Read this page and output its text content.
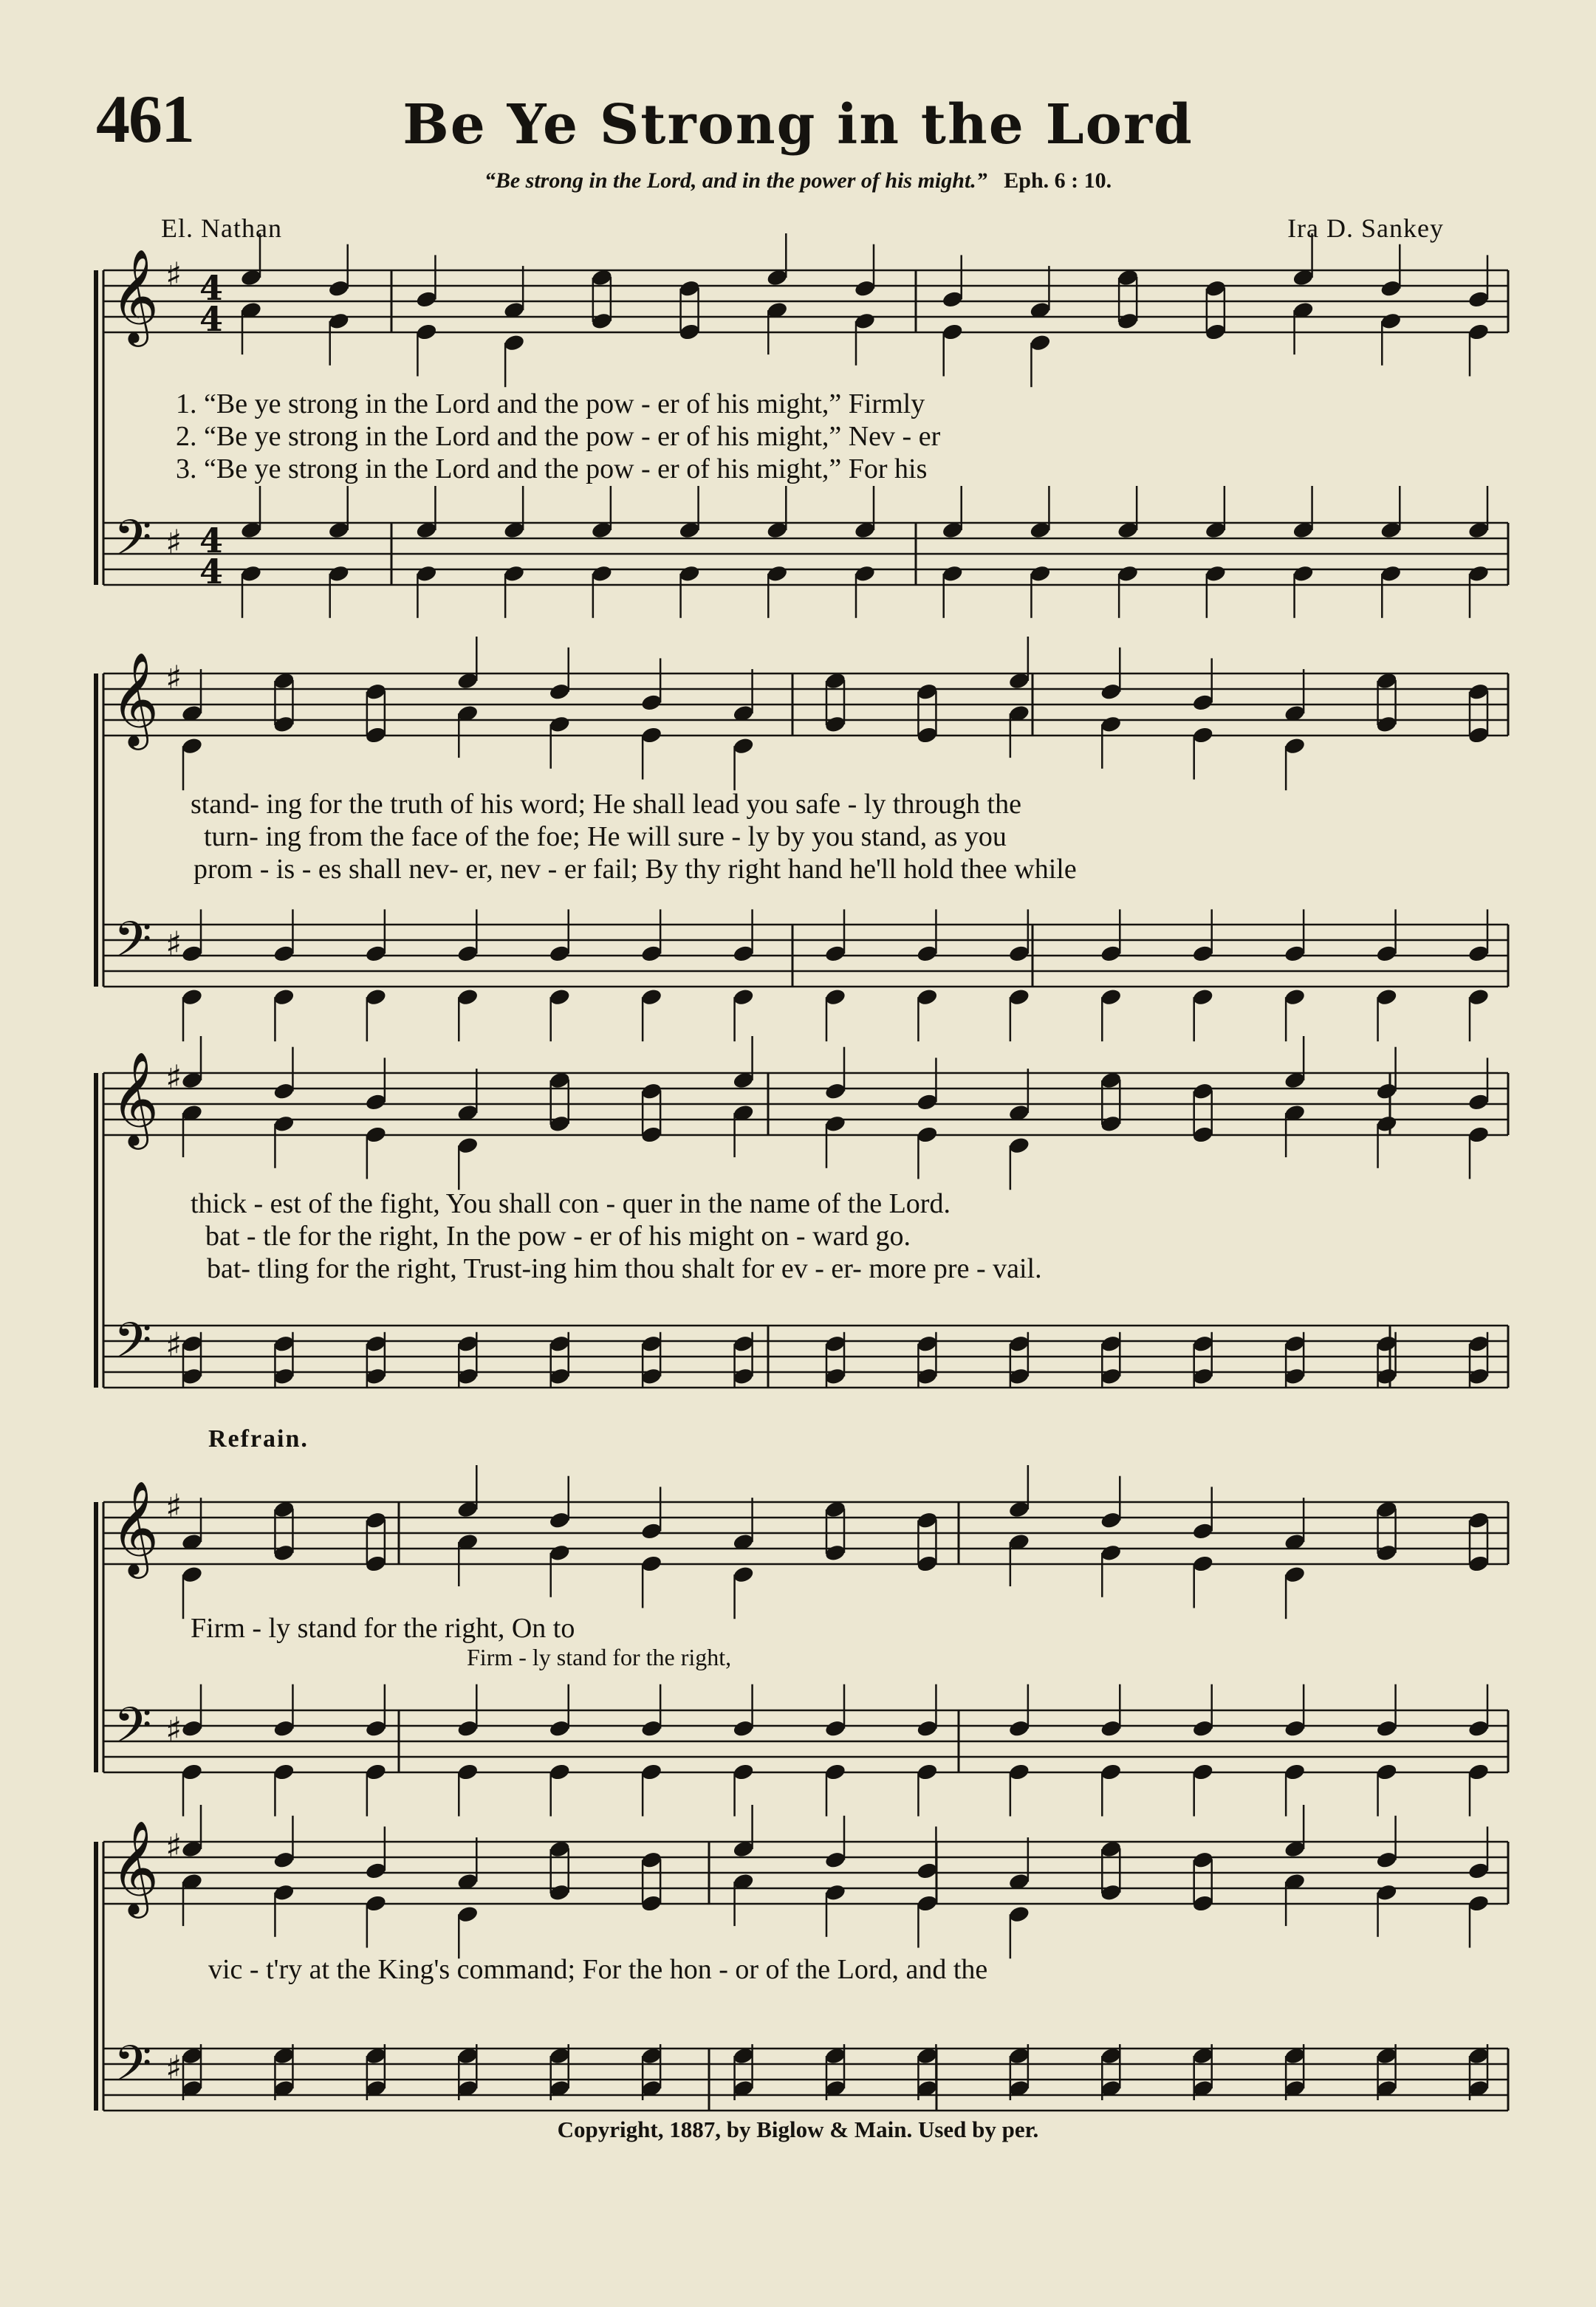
461	Be Ye Strong in the Lord
“Be strong in the Lord, and in the power of his might.” Eph. 6 : 10.
El. Nathan	Ira D. Sankey
𝄞
𝄢
♯
♯
4
4
4
4
𝄞
𝄢
♯
♯
𝄞
𝄢
♯
♯
𝄞
𝄢
♯
♯
𝄞
𝄢
♯
♯
1. “Be ye strong in the Lord and the pow - er of his might,” Firmly
2. “Be ye strong in the Lord and the pow - er of his might,” Nev - er
3. “Be ye strong in the Lord and the pow - er of his might,” For his
stand- ing for the truth of his word; He shall lead you safe - ly through the
turn- ing from the face of the foe; He will sure - ly by you stand, as you
prom - is - es shall nev- er, nev - er fail; By thy right hand he'll hold thee while
thick - est of the fight, You shall con - quer in the name of the Lord.
bat - tle for the right, In the pow - er of his might on - ward go.
bat- tling for the right, Trust-ing him thou shalt for ev - er- more pre - vail.
Refrain.
Firm - ly stand for the right, On to
Firm - ly stand for the right,
vic - t'ry at the King's command; For the hon - or of the Lord, and the
Copyright, 1887, by Biglow & Main. Used by per.
